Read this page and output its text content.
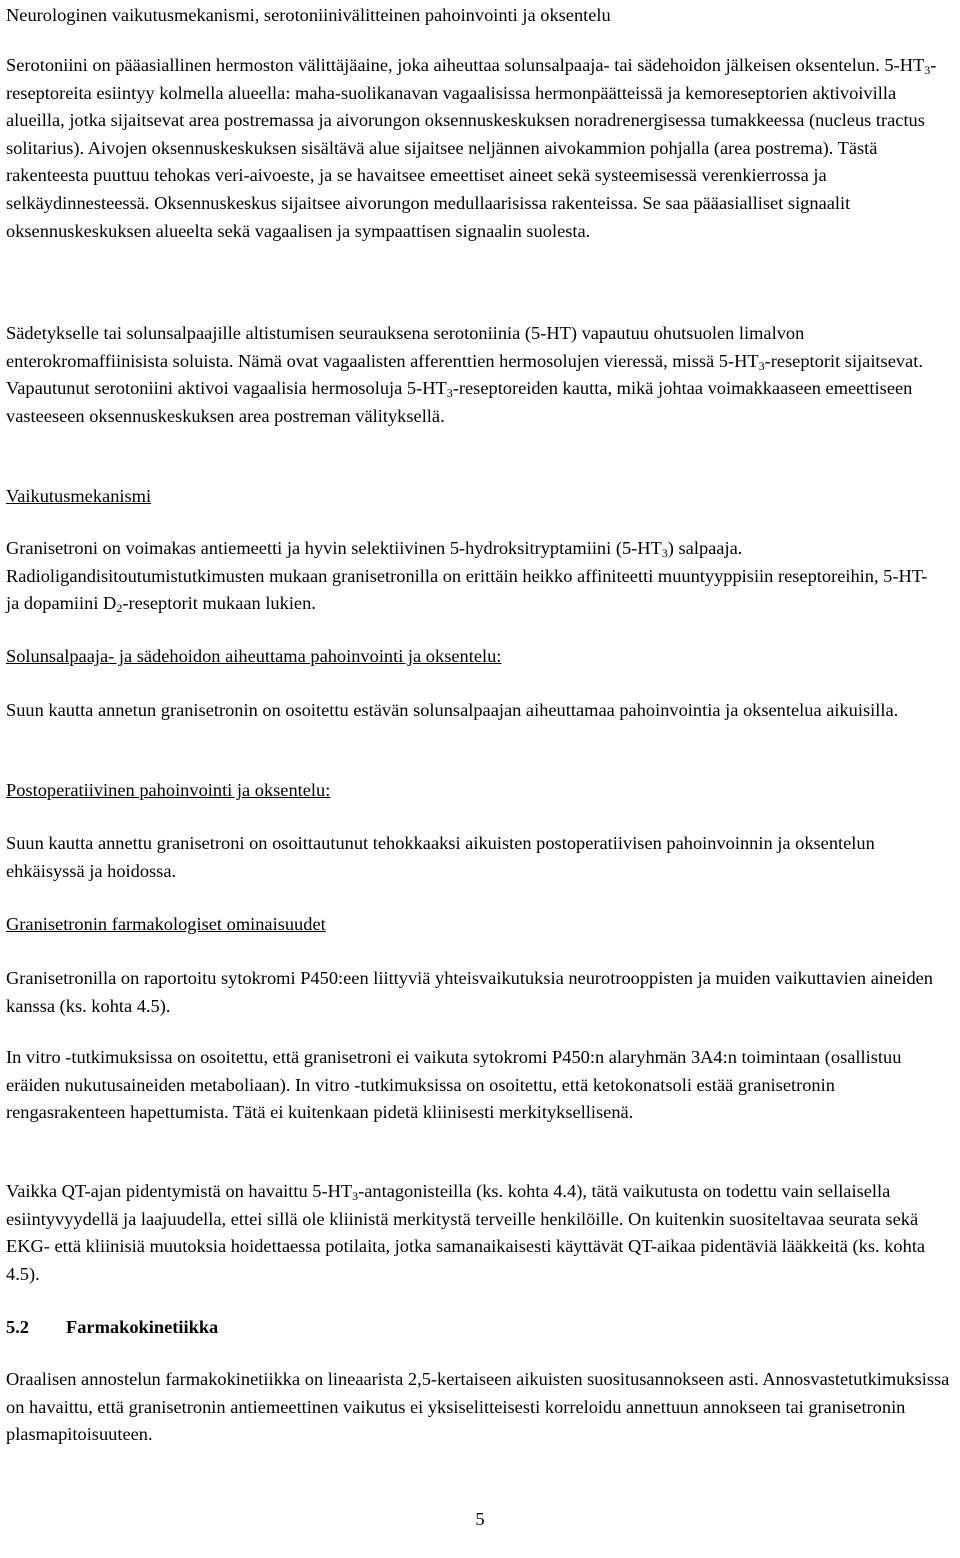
Neurologinen vaikutusmekanismi, serotoniinivälitteinen pahoinvointi ja oksentelu

Serotoniini on pääasiallinen hermoston välittäjäaine, joka aiheuttaa solunsalpaaja- tai sädehoidon jälkeisen oksentelun. $5-HT_3$-reseptoreita esiintyy kolmella alueella: maha-suolikanavan vagaalisissa hermonpäätteissä ja kemoreseptorien aktivoivilla alueilla, jotka sijaitsevat area postremassa ja aivorungon oksennuskeskuksen noradrenergisessa tumakkeessa (nucleus tractus solitarius). Aivojen oksennuskeskuksen sisältävä alue sijaitsee neljännen aivokammion pohjalla (area postrema). Tästä rakenteesta puuttuu tehokas veri-aivoeste, ja se havaitsee emeettiset aineet sekä systeemisessä verenkierrossa ja selkäydinnesteessä. Oksennuskeskus sijaitsee aivorungon medullaarisissa rakenteissa. Se saa pääasialliset signaalit oksennuskeskuksen alueelta sekä vagaalisen ja sympaattisen signaalin suolesta.

Sädetykselle tai solunsalpaajille altistumisen seurauksena serotoniinia (5-HT) vapautuu ohutsuolen limalvon enterokromaffiinisista soluista. Nämä ovat vagaalisten afferenttien hermosolujen vieressä, missä $5-HT_3$-reseptorit sijaitsevat. Vapautunut serotoniini aktivoi vagaalisia hermosoluja $5-HT_3$-reseptoreiden kautta, mikä johtaa voimakkaaseen emeettiseen vasteeseen oksennuskeskuksen area postreman välityksellä.

Vaikutusmekanismi

Granisetroni on voimakas antiemeetti ja hyvin selektiivinen 5-hydroksitryptamiini $(5-HT_3)$ salpaaja. Radioligandisitoutumistutkimusten mukaan granisetronilla on erittäin heikko affiniteetti muuntyyppisiin reseptoreihin, 5-HT- ja dopamiini $D_2$-reseptorit mukaan lukien.

Solunsalpaaja- ja sädehoidon aiheuttama pahoinvointi ja oksentelu:

Suun kautta annetun granisetronin on osoitettu estävän solunsalpaajan aiheuttamaa pahoinvointia ja oksentelua aikuisilla.

Postoperatiivinen pahoinvointi ja oksentelu:

Suun kautta annettu granisetroni on osoittautunut tehokkaaksi aikuisten postoperatiivisen pahoinvoinnin ja oksentelun ehkäisyssä ja hoidossa.

Granisetronin farmakologiset ominaisuudet

Granisetronilla on raportoitu sytokromi P450:een liittyviä yhteisvaikutuksia neurotrooppisten ja muiden vaikuttavien aineiden kanssa (ks. kohta 4.5).

In vitro -tutkimuksissa on osoitettu, että granisetroni ei vaikuta sytokromi P450:n alaryhmän 3A4:n toimintaan (osallistuu eräiden nukutusaineiden metaboliaan). In vitro -tutkimuksissa on osoitettu, että ketokonatsoli estää granisetronin rengasrakenteen hapettumista. Tätä ei kuitenkaan pidetä kliinisesti merkityksellisenä.

Vaikka QT-ajan pidentymistä on havaittu $5-HT_3$-antagonisteilla (ks. kohta 4.4), tätä vaikutusta on todettu vain sellaisella esiintyvyydellä ja laajuudella, ettei sillä ole kliinistä merkitystä terveille henkilöille. On kuitenkin suositeltavaa seurata sekä EKG- että kliinisiä muutoksia hoidettaessa potilaita, jotka samanaikaisesti käyttävät QT-aikaa pidentäviä lääkkeitä (ks. kohta 4.5).

5.2 Farmakokinetiikka

Oraalisen annostelun farmakokinetiikka on lineaarista 2,5-kertaiseen aikuisten suositusannokseen asti. Annosvastetutkimuksissa on havaittu, että granisetronin antiemeettinen vaikutus ei yksiselitteisesti korreloidu annettuun annokseen tai granisetronin plasmapitoisuuteen.

5
